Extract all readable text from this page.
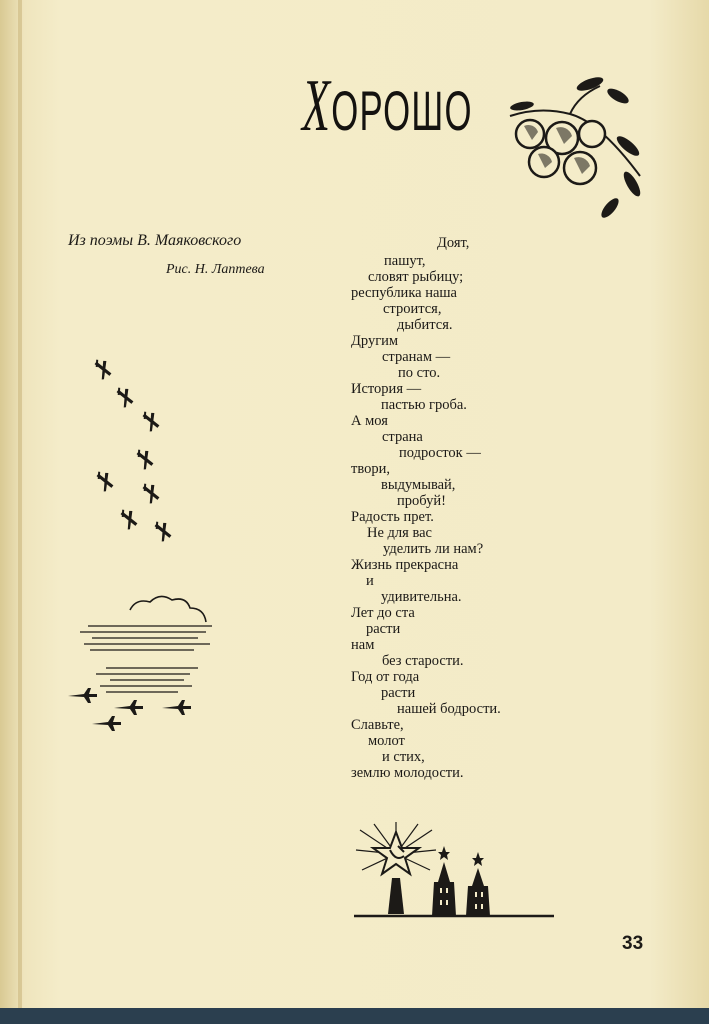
ХОРОШО
Из поэмы В. Маяковского
Рис. Н. Лаптева
Доят,
пашут,
словят рыбицу;
республика наша
строится,
дыбится.
Другим
странам —
по сто.
История —
пастью гроба.
А моя
страна
подросток —
твори,
выдумывай,
пробуй!
Радость прет.
Не для вас
уделить ли нам?
Жизнь прекрасна
и
удивительна.
Лет до ста
расти
нам
без старости.
Год от года
расти
нашей бодрости.
Славьте,
молот
и стих,
землю молодости.
33
